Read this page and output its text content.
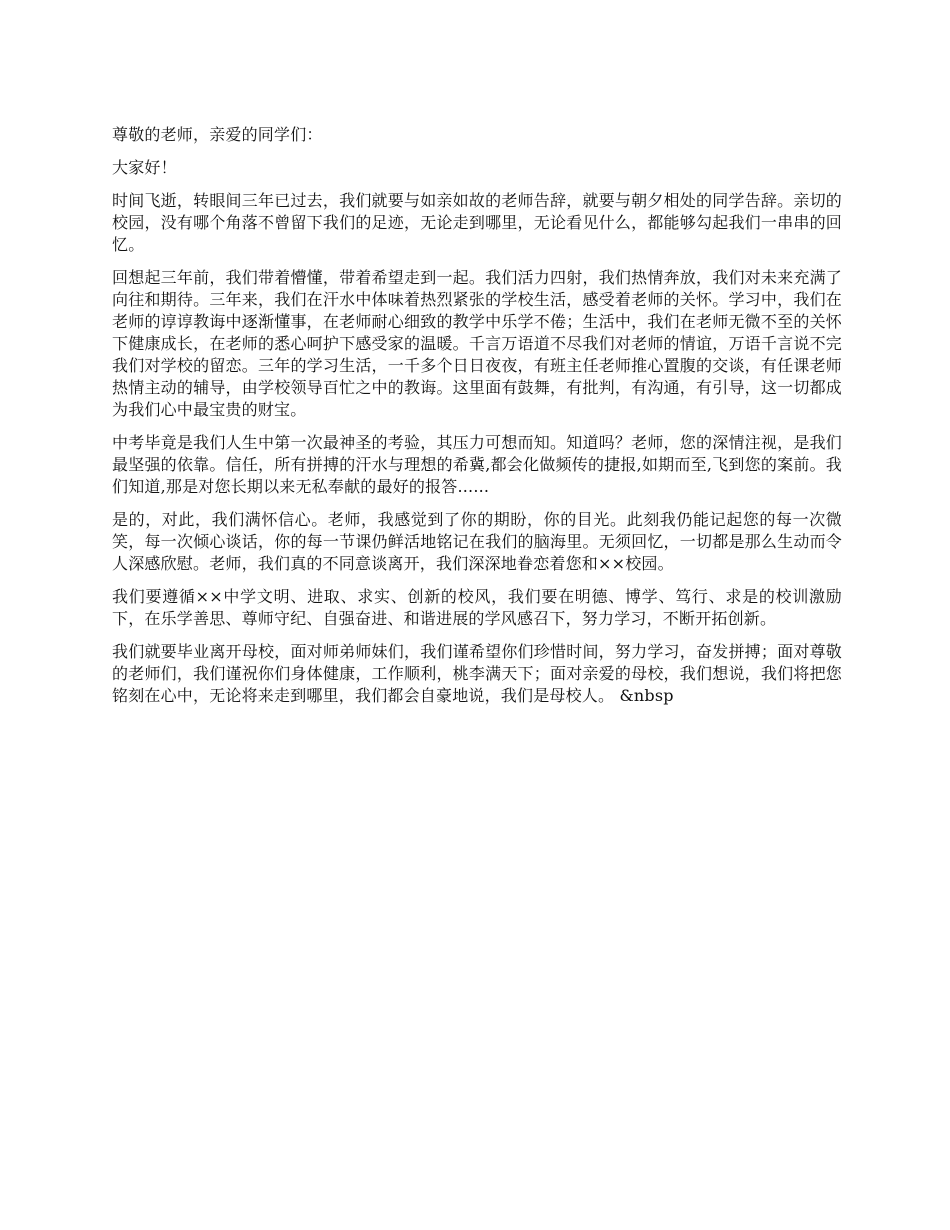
尊敬的老师，亲爱的同学们：

大家好！

时间飞逝，转眼间三年已过去，我们就要与如亲如故的老师告辞，就要与朝夕相处的同学告辞。亲切的校园，没有哪个角落不曾留下我们的足迹，无论走到哪里，无论看见什么，都能够勾起我们一串串的回忆。

回想起三年前，我们带着懵懂，带着希望走到一起。我们活力四射，我们热情奔放，我们对未来充满了向往和期待。三年来，我们在汗水中体味着热烈紧张的学校生活，感受着老师的关怀。学习中，我们在老师的谆谆教诲中逐渐懂事，在老师耐心细致的教学中乐学不倦；生活中，我们在老师无微不至的关怀下健康成长，在老师的悉心呵护下感受家的温暖。千言万语道不尽我们对老师的情谊，万语千言说不完我们对学校的留恋。三年的学习生活，一千多个日日夜夜，有班主任老师推心置腹的交谈，有任课老师热情主动的辅导，由学校领导百忙之中的教诲。这里面有鼓舞，有批判，有沟通，有引导，这一切都成为我们心中最宝贵的财宝。

中考毕竟是我们人生中第一次最神圣的考验，其压力可想而知。知道吗？老师，您的深情注视，是我们最坚强的依靠。信任，所有拼搏的汗水与理想的希冀,都会化做频传的捷报,如期而至,飞到您的案前。我们知道,那是对您长期以来无私奉献的最好的报答......

是的，对此，我们满怀信心。老师，我感觉到了你的期盼，你的目光。此刻我仍能记起您的每一次微笑，每一次倾心谈话，你的每一节课仍鲜活地铭记在我们的脑海里。无须回忆，一切都是那么生动而令人深感欣慰。老师，我们真的不同意谈离开，我们深深地眷恋着您和××校园。

我们要遵循××中学文明、进取、求实、创新的校风，我们要在明德、博学、笃行、求是的校训激励下，在乐学善思、尊师守纪、自强奋进、和谐进展的学风感召下，努力学习，不断开拓创新。

我们就要毕业离开母校，面对师弟师妹们，我们谨希望你们珍惜时间，努力学习，奋发拼搏；面对尊敬的老师们，我们谨祝你们身体健康，工作顺利，桃李满天下；面对亲爱的母校，我们想说，我们将把您铭刻在心中，无论将来走到哪里，我们都会自豪地说，我们是母校人。 &nbsp
